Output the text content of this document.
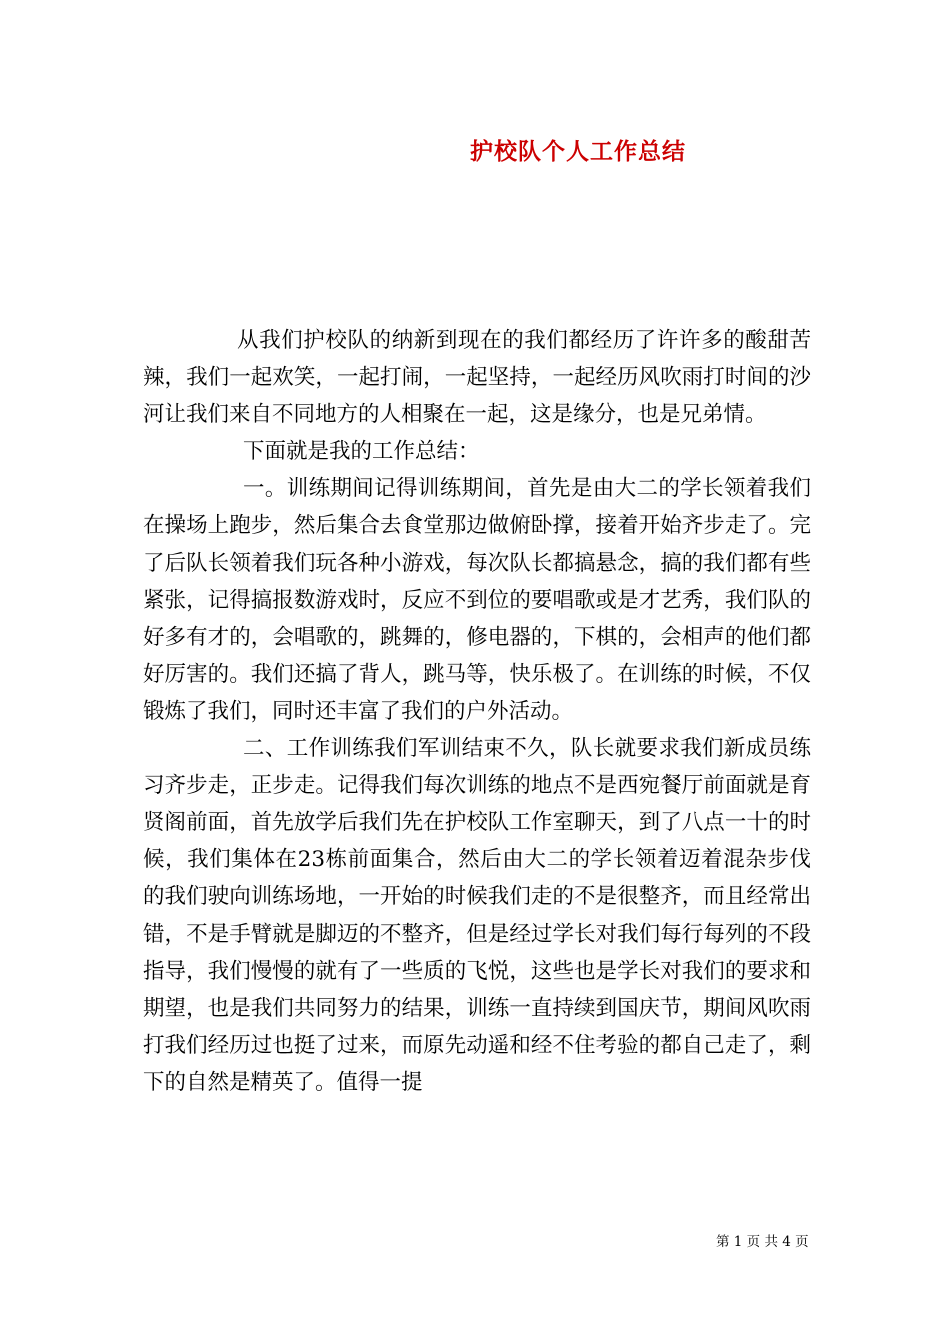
护校队个人工作总结

从我们护校队的纳新到现在的我们都经历了许许多的酸甜苦辣，我们一起欢笑，一起打闹，一起坚持，一起经历风吹雨打时间的沙河让我们来自不同地方的人相聚在一起，这是缘分，也是兄弟情。

下面就是我的工作总结：

一。训练期间记得训练期间，首先是由大二的学长领着我们在操场上跑步，然后集合去食堂那边做俯卧撑，接着开始齐步走了。完了后队长领着我们玩各种小游戏，每次队长都搞悬念，搞的我们都有些紧张，记得搞报数游戏时，反应不到位的要唱歌或是才艺秀，我们队的好多有才的，会唱歌的，跳舞的，修电器的，下棋的，会相声的他们都好厉害的。我们还搞了背人，跳马等，快乐极了。在训练的时候，不仅锻炼了我们，同时还丰富了我们的户外活动。

二、工作训练我们军训结束不久，队长就要求我们新成员练习齐步走，正步走。记得我们每次训练的地点不是西宛餐厅前面就是育贤阁前面，首先放学后我们先在护校队工作室聊天，到了八点一十的时候，我们集体在23栋前面集合，然后由大二的学长领着迈着混杂步伐的我们驶向训练场地，一开始的时候我们走的不是很整齐，而且经常出错，不是手臂就是脚迈的不整齐，但是经过学长对我们每行每列的不段指导，我们慢慢的就有了一些质的飞悦，这些也是学长对我们的要求和期望，也是我们共同努力的结果，训练一直持续到国庆节，期间风吹雨打我们经历过也挺了过来，而原先动遥和经不住考验的都自己走了，剩下的自然是精英了。值得一提

第 1 页 共 4 页
